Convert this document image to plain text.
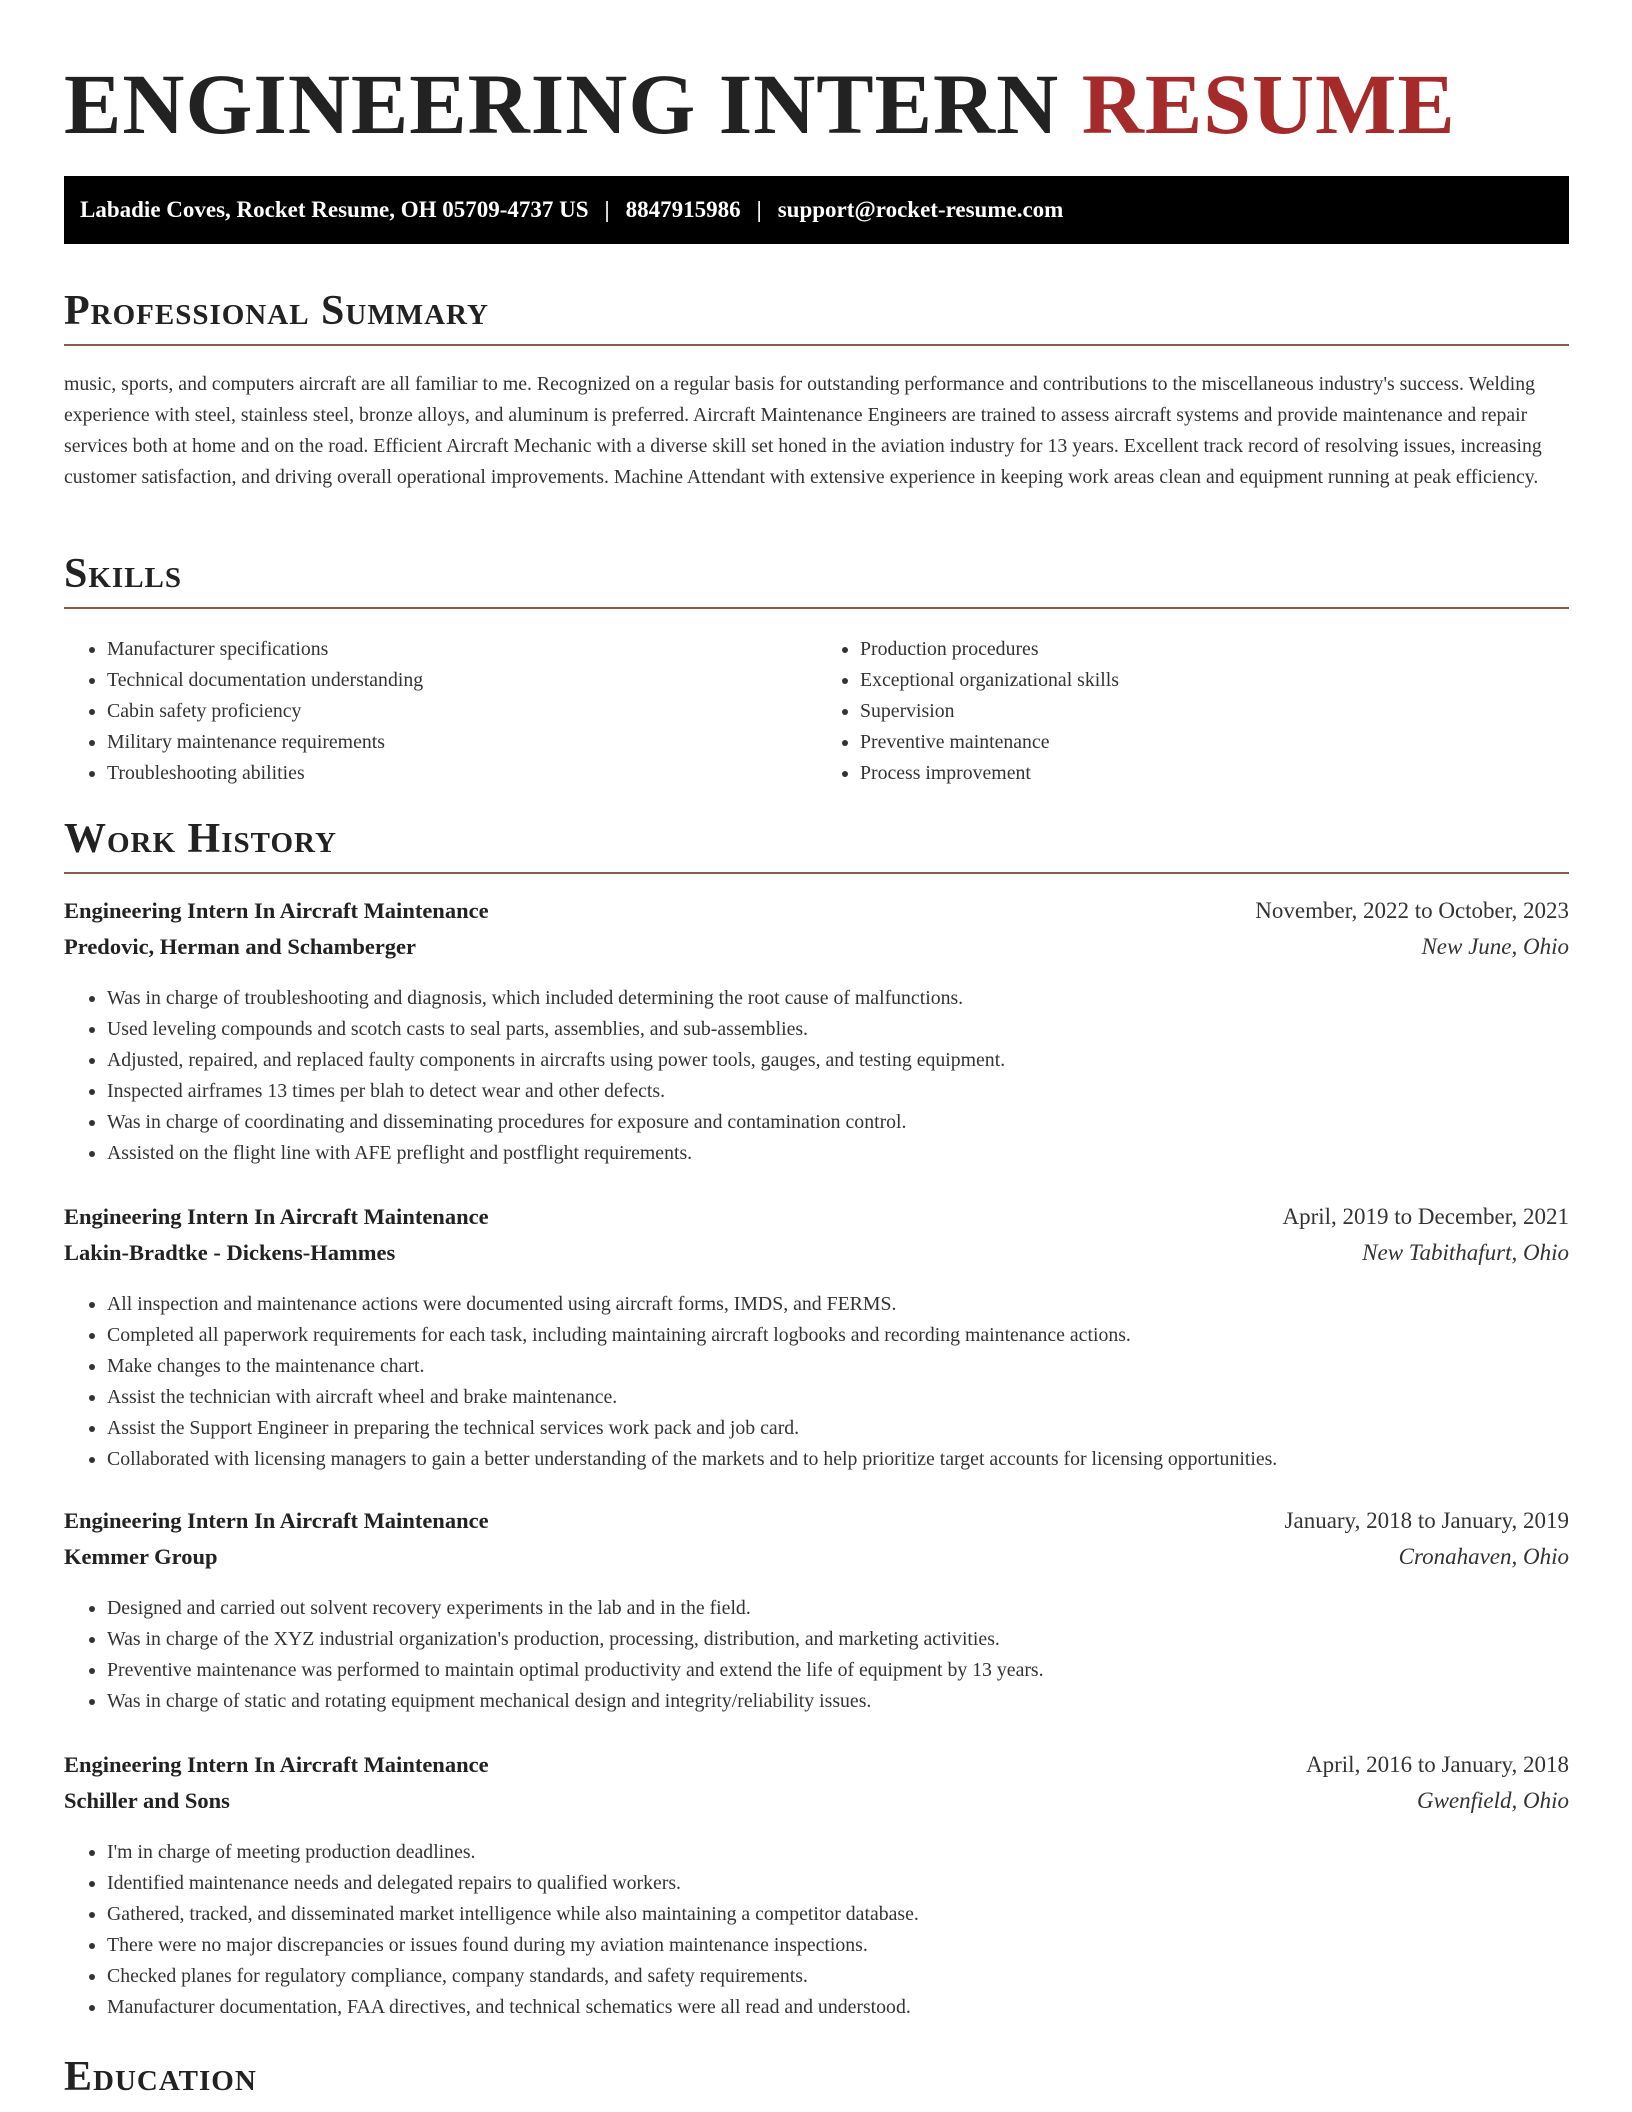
ENGINEERING INTERN RESUME
Labadie Coves, Rocket Resume, OH 05709-4737 US | 8847915986 | support@rocket-resume.com
Professional Summary

music, sports, and computers aircraft are all familiar to me. Recognized on a regular basis for outstanding performance and contributions to the miscellaneous industry's success. Welding experience with steel, stainless steel, bronze alloys, and aluminum is preferred. Aircraft Maintenance Engineers are trained to assess aircraft systems and provide maintenance and repair services both at home and on the road. Efficient Aircraft Mechanic with a diverse skill set honed in the aviation industry for 13 years. Excellent track record of resolving issues, increasing customer satisfaction, and driving overall operational improvements. Machine Attendant with extensive experience in keeping work areas clean and equipment running at peak efficiency.

Skills
• Manufacturer specifications
• Technical documentation understanding
• Cabin safety proficiency
• Military maintenance requirements
• Troubleshooting abilities
• Production procedures
• Exceptional organizational skills
• Supervision
• Preventive maintenance
• Process improvement
Work History
Engineering Intern In Aircraft Maintenance	November, 2022 to October, 2023
Predovic, Herman and Schamberger	New June, Ohio
• Was in charge of troubleshooting and diagnosis, which included determining the root cause of malfunctions.
• Used leveling compounds and scotch casts to seal parts, assemblies, and sub-assemblies.
• Adjusted, repaired, and replaced faulty components in aircrafts using power tools, gauges, and testing equipment.
• Inspected airframes 13 times per blah to detect wear and other defects.
• Was in charge of coordinating and disseminating procedures for exposure and contamination control.
• Assisted on the flight line with AFE preflight and postflight requirements.
Engineering Intern In Aircraft Maintenance	April, 2019 to December, 2021
Lakin-Bradtke - Dickens-Hammes	New Tabithafurt, Ohio
• All inspection and maintenance actions were documented using aircraft forms, IMDS, and FERMS.
• Completed all paperwork requirements for each task, including maintaining aircraft logbooks and recording maintenance actions.
• Make changes to the maintenance chart.
• Assist the technician with aircraft wheel and brake maintenance.
• Assist the Support Engineer in preparing the technical services work pack and job card.
• Collaborated with licensing managers to gain a better understanding of the markets and to help prioritize target accounts for licensing opportunities.
Engineering Intern In Aircraft Maintenance	January, 2018 to January, 2019
Kemmer Group	Cronahaven, Ohio
• Designed and carried out solvent recovery experiments in the lab and in the field.
• Was in charge of the XYZ industrial organization's production, processing, distribution, and marketing activities.
• Preventive maintenance was performed to maintain optimal productivity and extend the life of equipment by 13 years.
• Was in charge of static and rotating equipment mechanical design and integrity/reliability issues.
Engineering Intern In Aircraft Maintenance	April, 2016 to January, 2018
Schiller and Sons	Gwenfield, Ohio
• I'm in charge of meeting production deadlines.
• Identified maintenance needs and delegated repairs to qualified workers.
• Gathered, tracked, and disseminated market intelligence while also maintaining a competitor database.
• There were no major discrepancies or issues found during my aviation maintenance inspections.
• Checked planes for regulatory compliance, company standards, and safety requirements.
• Manufacturer documentation, FAA directives, and technical schematics were all read and understood.
Education
